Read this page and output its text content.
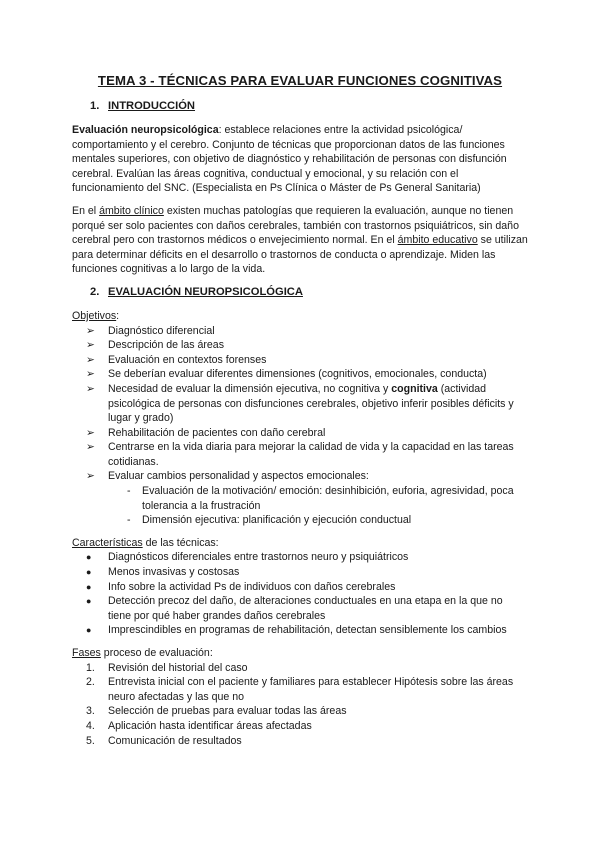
TEMA 3 - TÉCNICAS PARA EVALUAR FUNCIONES COGNITIVAS
1. INTRODUCCIÓN

Evaluación neuropsicológica: establece relaciones entre la actividad psicológica/ comportamiento y el cerebro. Conjunto de técnicas que proporcionan datos de las funciones mentales superiores, con objetivo de diagnóstico y rehabilitación de personas con disfunción cerebral. Evalúan las áreas cognitiva, conductual y emocional, y su relación con el funcionamiento del SNC. (Especialista en Ps Clínica o Máster de Ps General Sanitaria)

En el ámbito clínico existen muchas patologías que requieren la evaluación, aunque no tienen porqué ser solo pacientes con daños cerebrales, también con trastornos psiquiátricos, sin daño cerebral pero con trastornos médicos o envejecimiento normal. En el ámbito educativo se utilizan para determinar déficits en el desarrollo o trastornos de conducta o aprendizaje. Miden las funciones cognitivas a lo largo de la vida.

2. EVALUACIÓN NEUROPSICOLÓGICA
Objetivos:
➢	Diagnóstico diferencial
➢	Descripción de las áreas
➢	Evaluación en contextos forenses
➢	Se deberían evaluar diferentes dimensiones (cognitivos, emocionales, conducta)
➢	Necesidad de evaluar la dimensión ejecutiva, no cognitiva y cognitiva (actividad psicológica de personas con disfunciones cerebrales, objetivo inferir posibles déficits y lugar y grado)
➢	Rehabilitación de pacientes con daño cerebral
➢	Centrarse en la vida diaria para mejorar la calidad de vida y la capacidad en las tareas cotidianas.
➢	Evaluar cambios personalidad y aspectos emocionales:
- Evaluación de la motivación/ emoción: desinhibición, euforia, agresividad, poca tolerancia a la frustración
- Dimensión ejecutiva: planificación y ejecución conductual
Características de las técnicas:
●	Diagnósticos diferenciales entre trastornos neuro y psiquiátricos
●	Menos invasivas y costosas
●	Info sobre la actividad Ps de individuos con daños cerebrales
●	Detección precoz del daño, de alteraciones conductuales en una etapa en la que no tiene por qué haber grandes daños cerebrales
●	Imprescindibles en programas de rehabilitación, detectan sensiblemente los cambios
Fases proceso de evaluación:
1.	Revisión del historial del caso
2.	Entrevista inicial con el paciente y familiares para establecer Hipótesis sobre las áreas neuro afectadas y las que no
3.	Selección de pruebas para evaluar todas las áreas
4.	Aplicación hasta identificar áreas afectadas
5.	Comunicación de resultados
